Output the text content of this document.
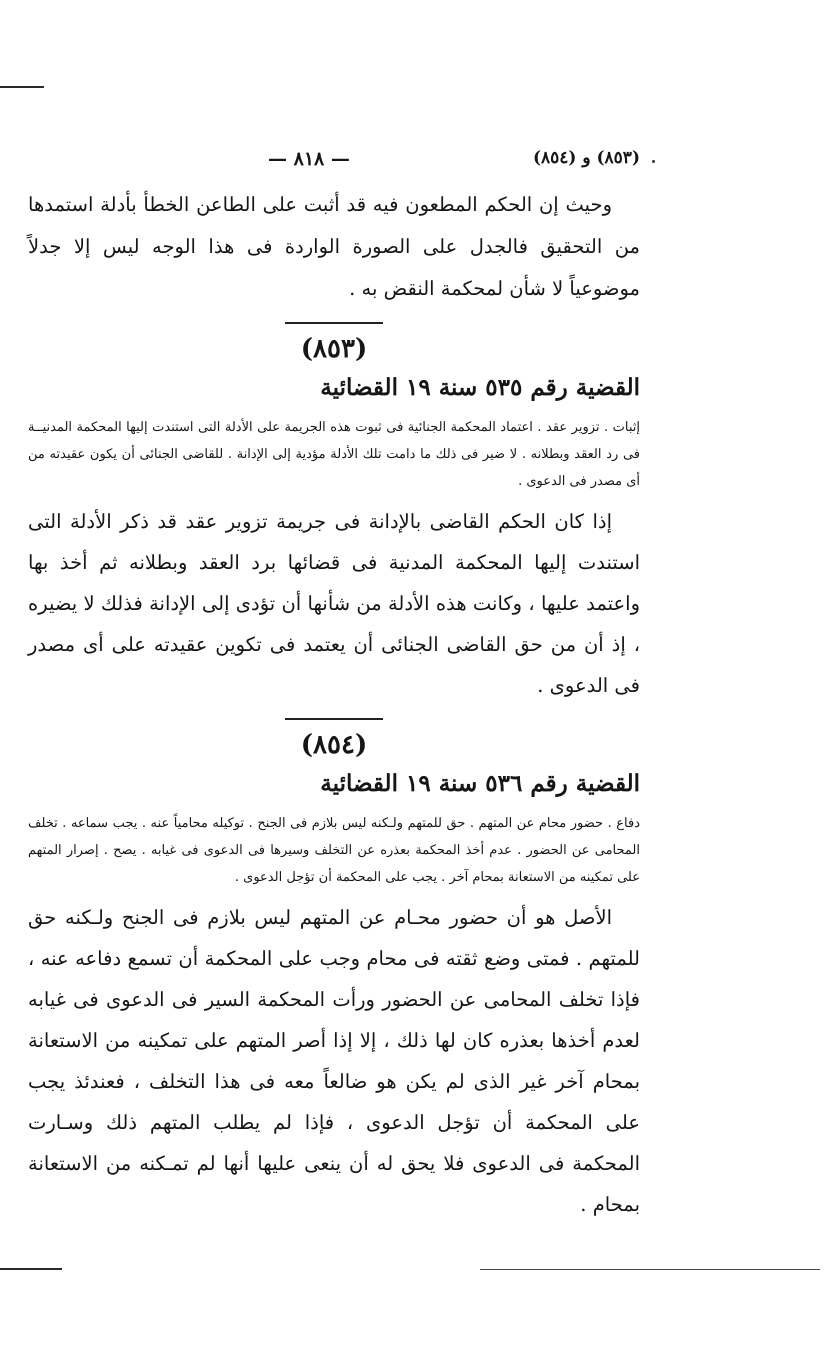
— ٨١٨ —	(٨٥٣) و (٨٥٤)

وحيث إن الحكم المطعون فيه قد أثبت على الطاعن الخطأ بأدلة استمدها من التحقيق فالجدل على الصورة الواردة فى هذا الوجه ليس إلا جدلاً موضوعياً لا شأن لمحكمة النقض به .

(٨٥٣)
القضية رقم ٥٣٥ سنة ١٩ القضائية

إثبات . تزوير عقد . اعتماد المحكمة الجنائية فى ثبوت هذه الجريمة على الأدلة التى استندت إليها المحكمة المدنيــة فى رد العقد وبطلانه . لا ضير فى ذلك ما دامت تلك الأدلة مؤدية إلى الإدانة . للقاضى الجنائى أن يكون عقيدته من أى مصدر فى الدعوى .

إذا كان الحكم القاضى بالإدانة فى جريمة تزوير عقد قد ذكر الأدلة التى استندت إليها المحكمة المدنية فى قضائها برد العقد وبطلانه ثم أخذ بها واعتمد عليها ، وكانت هذه الأدلة من شأنها أن تؤدى إلى الإدانة فذلك لا يضيره ، إذ أن من حق القاضى الجنائى أن يعتمد فى تكوين عقيدته على أى مصدر فى الدعوى .

(٨٥٤)
القضية رقم ٥٣٦ سنة ١٩ القضائية

دفاع . حضور محام عن المتهم . حق للمتهم ولـكنه ليس بلازم فى الجنح . توكيله محامياً عنه . يجب سماعه . تخلف المحامى عن الحضور . عدم أخذ المحكمة بعذره عن التخلف وسيرها فى الدعوى فى غيابه . يصح . إصرار المتهم على تمكينه من الاستعانة بمحام آخر . يجب على المحكمة أن تؤجل الدعوى .

الأصل هو أن حضور محـام عن المتهم ليس بلازم فى الجنح ولـكنه حق للمتهم . فمتى وضع ثقته فى محام وجب على المحكمة أن تسمع دفاعه عنه ، فإذا تخلف المحامى عن الحضور ورأت المحكمة السير فى الدعوى فى غيابه لعدم أخذها بعذره كان لها ذلك ، إلا إذا أصر المتهم على تمكينه من الاستعانة بمحام آخر غير الذى لم يكن هو ضالعاً معه فى هذا التخلف ، فعندئذ يجب على المحكمة أن تؤجل الدعوى ، فإذا لم يطلب المتهم ذلك وسـارت المحكمة فى الدعوى فلا يحق له أن ينعى عليها أنها لم تمـكنه من الاستعانة بمحام .
